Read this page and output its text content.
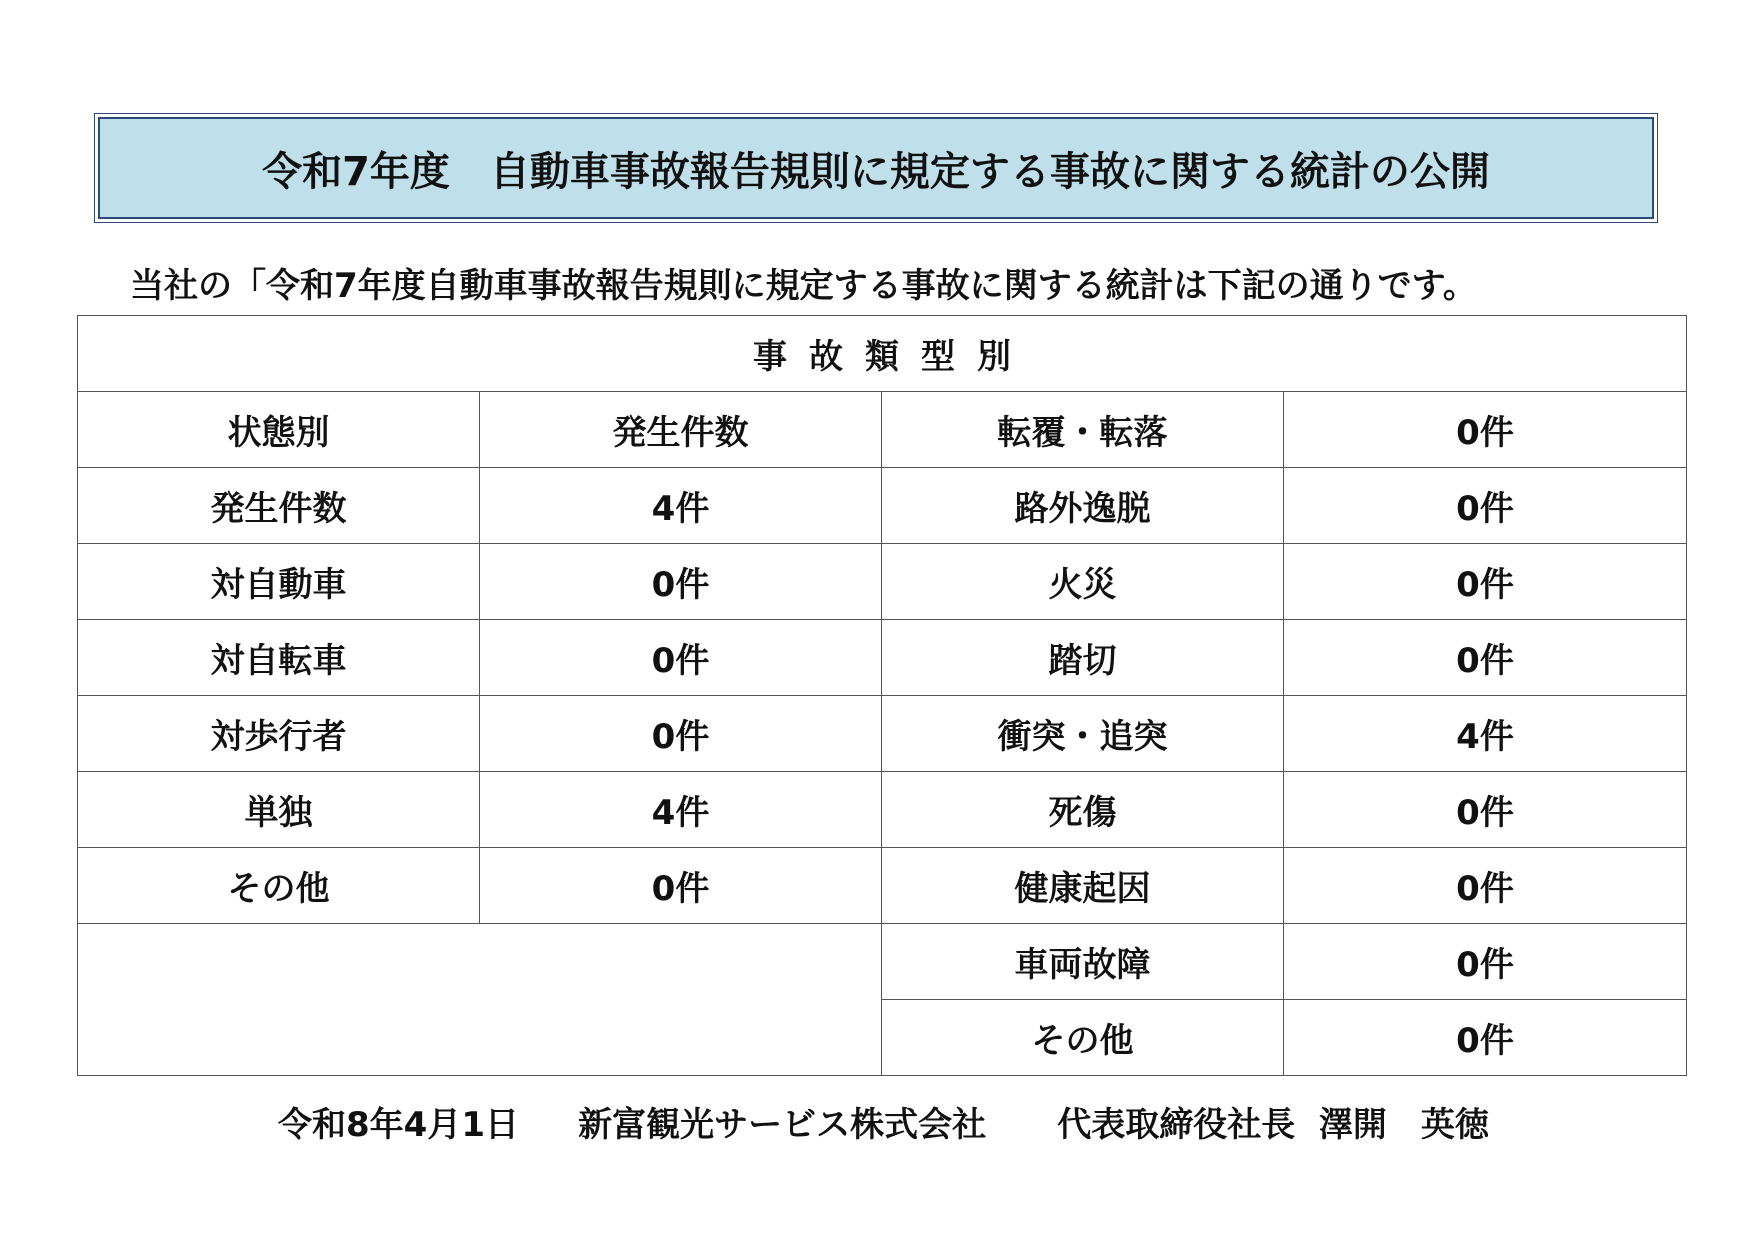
令和7年度　自動車事故報告規則に規定する事故に関する統計の公開
当社の「令和7年度自動車事故報告規則に規定する事故に関する統計は下記の通りです。
事故類型別			
状態別	発生件数	転覆・転落	0件
発生件数	4件	路外逸脱	0件
対自動車	0件	火災	0件
対自転車	0件	踏切	0件
対歩行者	0件	衝突・追突	4件
単独	4件	死傷	0件
その他	0件	健康起因	0件
		車両故障	0件
		その他	0件
令和8年4月1日 新富観光サービス株式会社 代表取締役社長 澤開　英徳
